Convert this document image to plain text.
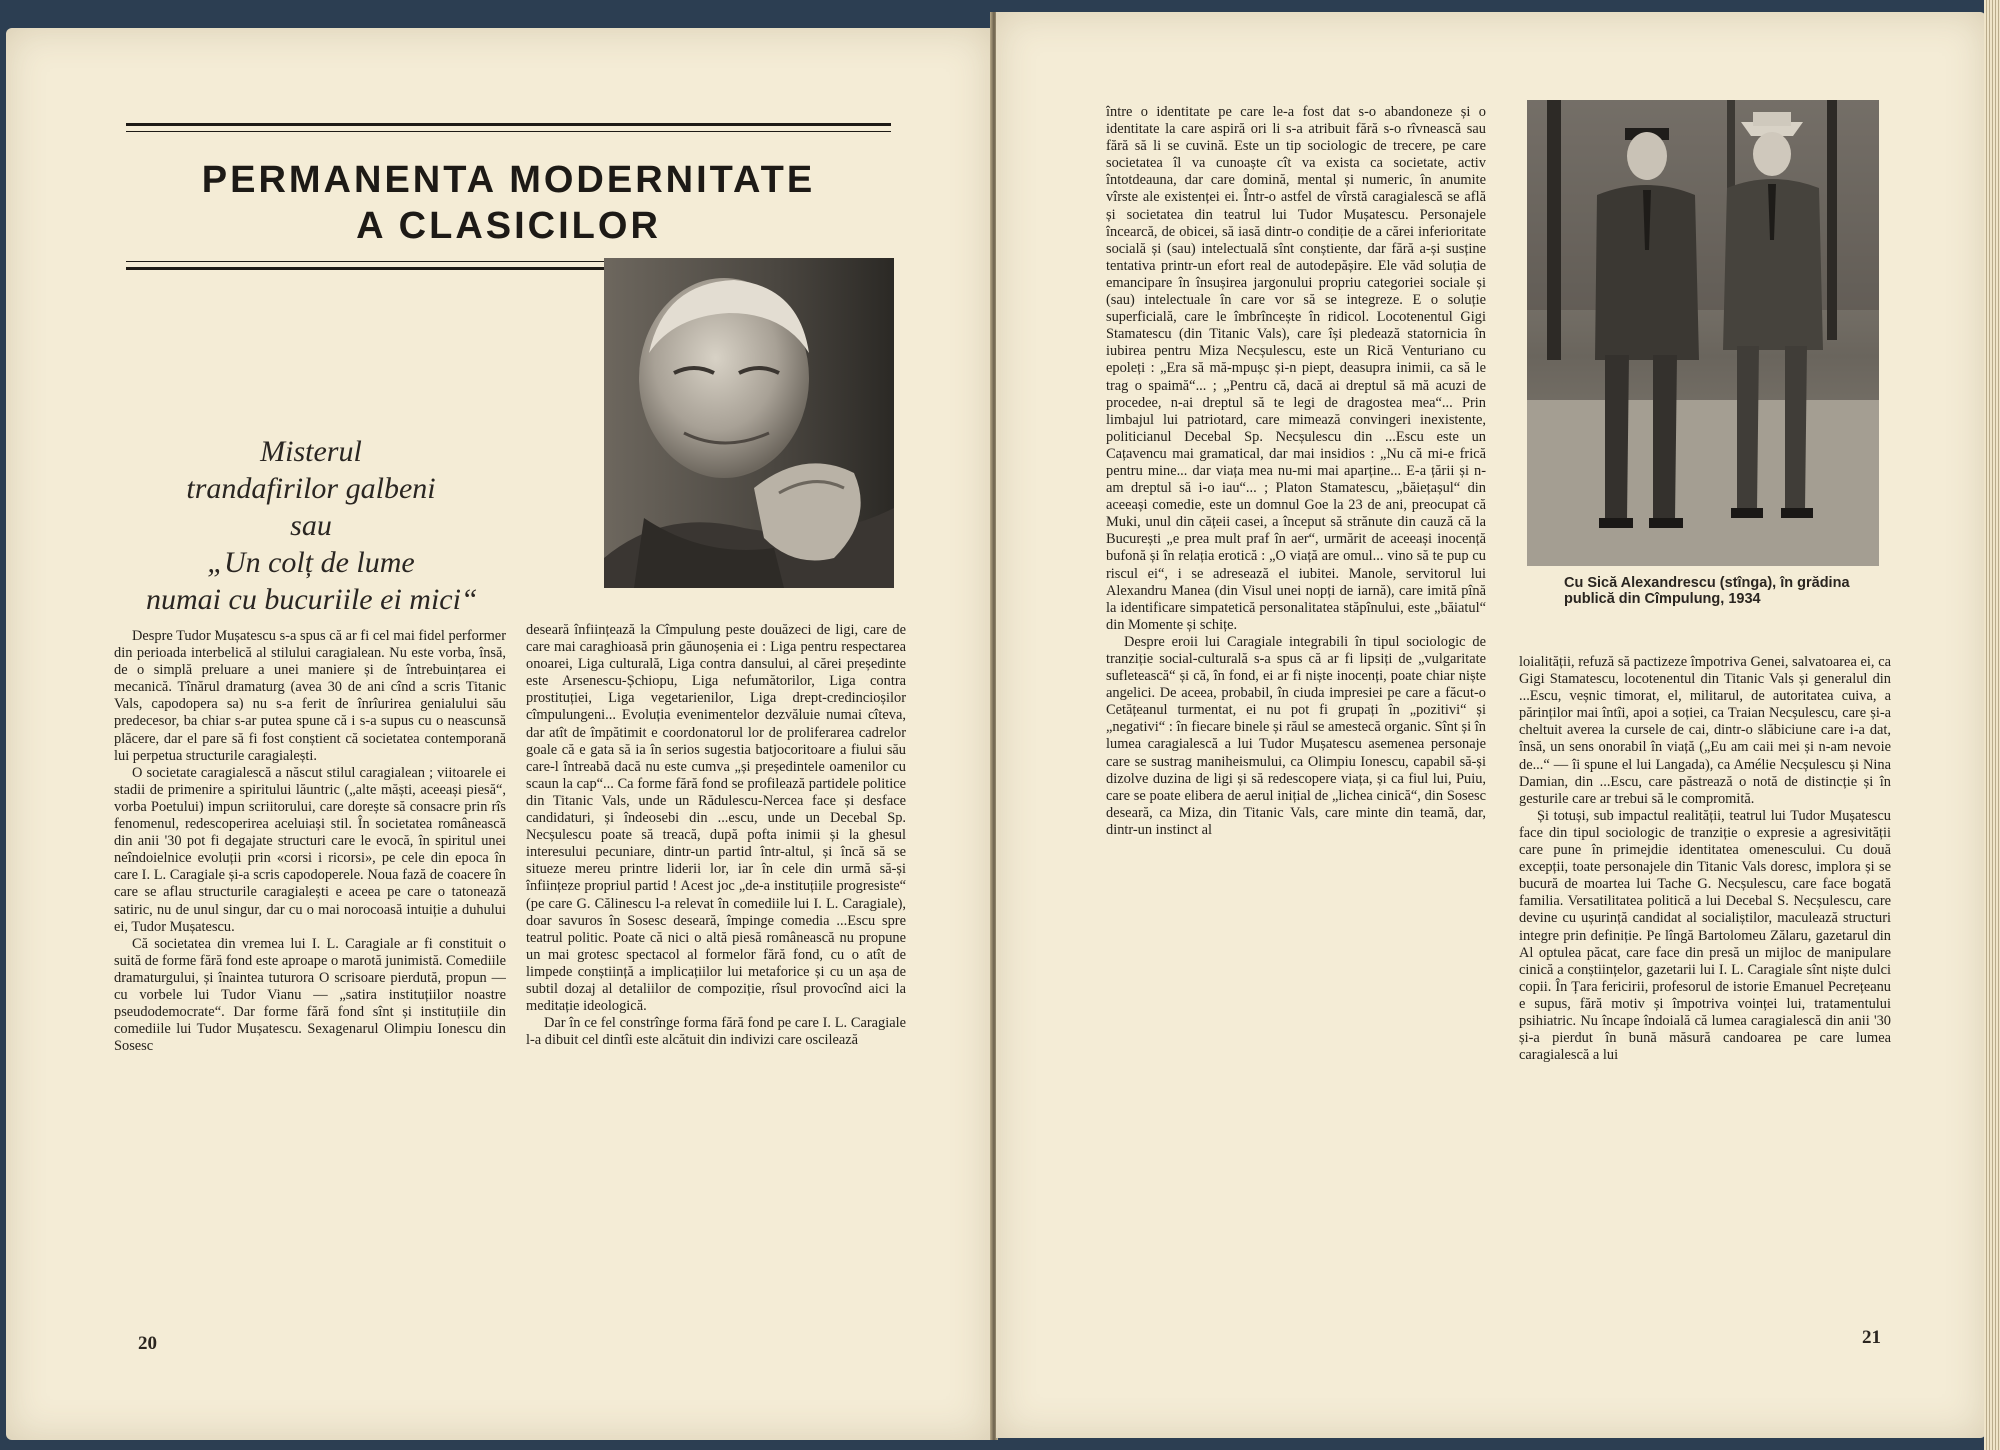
PERMANENTA MODERNITATE
A CLASICILOR
Misterul
trandafirilor galbeni
sau
„Un colț de lume
numai cu bucuriile ei mici“

Despre Tudor Mușatescu s-a spus că ar fi cel mai fidel performer din perioada interbelică al stilului caragialean. Nu este vorba, însă, de o simplă preluare a unei maniere și de întrebuințarea ei mecanică. Tînărul dramaturg (avea 30 de ani cînd a scris Titanic Vals, capodopera sa) nu s-a ferit de înrîurirea genialului său predecesor, ba chiar s-ar putea spune că i s-a supus cu o neascunsă plăcere, dar el pare să fi fost conștient că societatea contemporană lui perpetua structurile caragialești.

O societate caragialescă a născut stilul caragialean ; viitoarele ei stadii de primenire a spiritului lăuntric („alte măști, aceeași piesă“, vorba Poetului) impun scriitorului, care dorește să consacre prin rîs fenomenul, redescoperirea aceluiași stil. În societatea românească din anii '30 pot fi degajate structuri care le evocă, în spiritul unei neîndoielnice evoluții prin «corsi i ricorsi», pe cele din epoca în care I. L. Caragiale și-a scris capodoperele. Noua fază de coacere în care se aflau structurile caragialești e aceea pe care o tatonează satiric, nu de unul singur, dar cu o mai norocoasă intuiție a duhului ei, Tudor Mușatescu.

Că societatea din vremea lui I. L. Caragiale ar fi constituit o suită de forme fără fond este aproape o marotă junimistă. Comediile dramaturgului, și înaintea tuturora O scrisoare pierdută, propun — cu vorbele lui Tudor Vianu — „satira instituțiilor noastre pseudodemocrate“. Dar forme fără fond sînt și instituțiile din comediile lui Tudor Mușatescu. Sexagenarul Olimpiu Ionescu din Sosesc

deseară înființează la Cîmpulung peste douăzeci de ligi, care de care mai caraghioasă prin găunoșenia ei : Liga pentru respectarea onoarei, Liga culturală, Liga contra dansului, al cărei președinte este Arsenescu-Șchiopu, Liga nefumătorilor, Liga contra prostituției, Liga vegetarienilor, Liga drept-credincioșilor cîmpulungeni... Evoluția evenimentelor dezvăluie numai cîteva, dar atît de împătimit e coordonatorul lor de proliferarea cadrelor goale că e gata să ia în serios sugestia batjocoritoare a fiului său care-l întreabă dacă nu este cumva „și președintele oamenilor cu scaun la cap“... Ca forme fără fond se profilează partidele politice din Titanic Vals, unde un Rădulescu-Nercea face și desface candidaturi, și îndeosebi din ...escu, unde un Decebal Sp. Necșulescu poate să treacă, după pofta inimii și la ghesul interesului pecuniare, dintr-un partid într-altul, și încă să se situeze mereu printre liderii lor, iar în cele din urmă să-și înființeze propriul partid ! Acest joc „de-a instituțiile progresiste“ (pe care G. Călinescu l-a relevat în comediile lui I. L. Caragiale), doar savuros în Sosesc deseară, împinge comedia ...Escu spre teatrul politic. Poate că nici o altă piesă românească nu propune un mai grotesc spectacol al formelor fără fond, cu o atît de limpede conștiință a implicațiilor lui metaforice și cu un așa de subtil dozaj al detaliilor de compoziție, rîsul provocînd aici la meditație ideologică.

Dar în ce fel constrînge forma fără fond pe care I. L. Caragiale l-a dibuit cel dintîi este alcătuit din indivizi care oscilează

20

între o identitate pe care le-a fost dat s-o abandoneze și o identitate la care aspiră ori li s-a atribuit fără s-o rîvnească sau fără să li se cuvină. Este un tip sociologic de trecere, pe care societatea îl va cunoaște cît va exista ca societate, activ întotdeauna, dar care domină, mental și numeric, în anumite vîrste ale existenței ei. Într-o astfel de vîrstă caragialescă se află și societatea din teatrul lui Tudor Mușatescu. Personajele încearcă, de obicei, să iasă dintr-o condiție de a cărei inferioritate socială și (sau) intelectuală sînt conștiente, dar fără a-și susține tentativa printr-un efort real de autodepășire. Ele văd soluția de emancipare în însușirea jargonului propriu categoriei sociale și (sau) intelectuale în care vor să se integreze. E o soluție superficială, care le îmbrîncește în ridicol. Locotenentul Gigi Stamatescu (din Titanic Vals), care își pledează statornicia în iubirea pentru Miza Necșulescu, este un Rică Venturiano cu epoleți : „Era să mă-mpușc și-n piept, deasupra inimii, ca să le trag o spaimă“... ; „Pentru că, dacă ai dreptul să mă acuzi de procedee, n-ai dreptul să te legi de dragostea mea“... Prin limbajul lui patriotard, care mimează convingeri inexistente, politicianul Decebal Sp. Necșulescu din ...Escu este un Cațavencu mai gramatical, dar mai insidios : „Nu că mi-e frică pentru mine... dar viața mea nu-mi mai aparține... E-a țării și n-am dreptul să i-o iau“... ; Platon Stamatescu, „băiețașul“ din aceeași comedie, este un domnul Goe la 23 de ani, preocupat că Muki, unul din cățeii casei, a început să strănute din cauză că la București „e prea mult praf în aer“, urmărit de aceeași inocență bufonă și în relația erotică : „O viață are omul... vino să te pup cu riscul ei“, i se adresează el iubitei. Manole, servitorul lui Alexandru Manea (din Visul unei nopți de iarnă), care imită pînă la identificare simpatetică personalitatea stăpînului, este „băiatul“ din Momente și schițe.

Despre eroii lui Caragiale integrabili în tipul sociologic de tranziție social-culturală s-a spus că ar fi lipsiți de „vulgaritate sufletească“ și că, în fond, ei ar fi niște inocenți, poate chiar niște angelici. De aceea, probabil, în ciuda impresiei pe care a făcut-o Cetățeanul turmentat, ei nu pot fi grupați în „pozitivi“ și „negativi“ : în fiecare binele și răul se amestecă organic. Sînt și în lumea caragialescă a lui Tudor Mușatescu asemenea personaje care se sustrag maniheismului, ca Olimpiu Ionescu, capabil să-și dizolve duzina de ligi și să redescopere viața, și ca fiul lui, Puiu, care se poate elibera de aerul inițial de „lichea cinică“, din Sosesc deseară, ca Miza, din Titanic Vals, care minte din teamă, dar, dintr-un instinct al

Cu Sică Alexandrescu (stînga), în grădina publică din Cîmpulung, 1934

loialității, refuză să pactizeze împotriva Genei, salvatoarea ei, ca Gigi Stamatescu, locotenentul din Titanic Vals și generalul din ...Escu, veșnic timorat, el, militarul, de autoritatea cuiva, a părinților mai întîi, apoi a soției, ca Traian Necșulescu, care și-a cheltuit averea la cursele de cai, dintr-o slăbiciune care i-a dat, însă, un sens onorabil în viață („Eu am caii mei și n-am nevoie de...“ — îi spune el lui Langada), ca Amélie Necșulescu și Nina Damian, din ...Escu, care păstrează o notă de distincție și în gesturile care ar trebui să le compromită.

Și totuși, sub impactul realității, teatrul lui Tudor Mușatescu face din tipul sociologic de tranziție o expresie a agresivității care pune în primejdie identitatea omenescului. Cu două excepții, toate personajele din Titanic Vals doresc, implora și se bucură de moartea lui Tache G. Necșulescu, care face bogată familia. Versatilitatea politică a lui Decebal S. Necșulescu, care devine cu ușurință candidat al socialiștilor, maculează structuri integre prin definiție. Pe lîngă Bartolomeu Zălaru, gazetarul din Al optulea păcat, care face din presă un mijloc de manipulare cinică a conștiințelor, gazetarii lui I. L. Caragiale sînt niște dulci copii. În Țara fericirii, profesorul de istorie Emanuel Pecrețeanu e supus, fără motiv și împotriva voinței lui, tratamentului psihiatric. Nu încape îndoială că lumea caragialescă din anii '30 și-a pierdut în bună măsură candoarea pe care lumea caragialescă a lui

21
